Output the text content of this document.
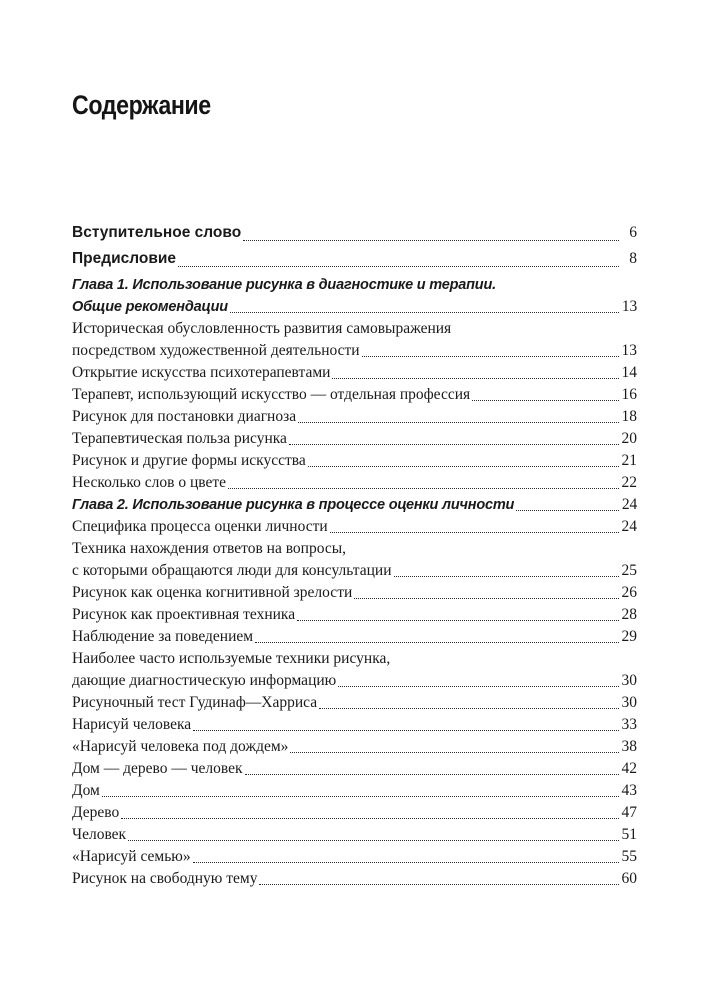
Содержание
Вступительное слово	6
Предисловие	8
Глава 1. Использование рисунка в диагностике и терапии.
Общие рекомендации	13
Историческая обусловленность развития самовыражения
посредством художественной деятельности	13
Открытие искусства психотерапевтами	14
Терапевт, использующий искусство — отдельная профессия	16
Рисунок для постановки диагноза	18
Терапевтическая польза рисунка	20
Рисунок и другие формы искусства	21
Несколько слов о цвете	22
Глава 2. Использование рисунка в процессе оценки личности	24
Специфика процесса оценки личности	24
Техника нахождения ответов на вопросы,
с которыми обращаются люди для консультации	25
Рисунок как оценка когнитивной зрелости	26
Рисунок как проективная техника	28
Наблюдение за поведением	29
Наиболее часто используемые техники рисунка,
дающие диагностическую информацию	30
Рисуночный тест Гудинаф—Харриса	30
Нарисуй человека	33
«Нарисуй человека под дождем»	38
Дом — дерево — человек	42
Дом	43
Дерево	47
Человек	51
«Нарисуй семью»	55
Рисунок на свободную тему	60
